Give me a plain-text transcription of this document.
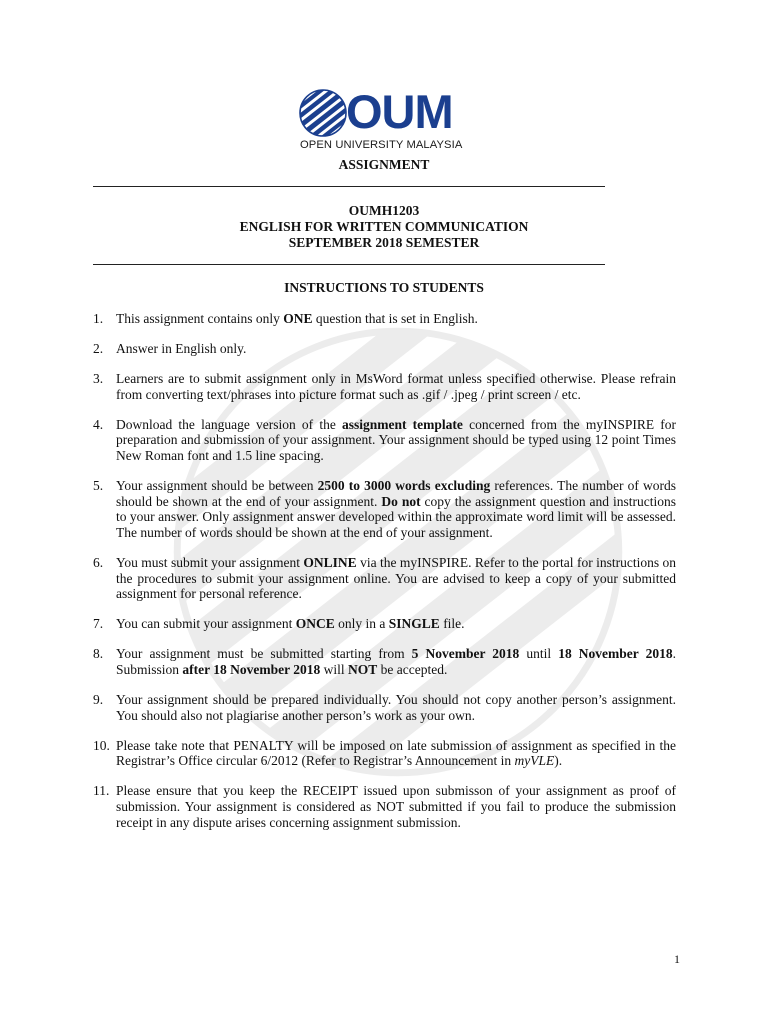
OUM
OPEN UNIVERSITY MALAYSIA
ASSIGNMENT
OUMH1203
ENGLISH FOR WRITTEN COMMUNICATION
SEPTEMBER 2018 SEMESTER
INSTRUCTIONS TO STUDENTS
1. This assignment contains only ONE question that is set in English.
2. Answer in English only.
3. Learners are to submit assignment only in MsWord format unless specified otherwise. Please refrain from converting text/phrases into picture format such as .gif / .jpeg / print screen / etc.
4. Download the language version of the assignment template concerned from the myINSPIRE for preparation and submission of your assignment. Your assignment should be typed using 12 point Times New Roman font and 1.5 line spacing.
5. Your assignment should be between 2500 to 3000 words excluding references. The number of words should be shown at the end of your assignment. Do not copy the assignment question and instructions to your answer. Only assignment answer developed within the approximate word limit will be assessed. The number of words should be shown at the end of your assignment.
6. You must submit your assignment ONLINE via the myINSPIRE. Refer to the portal for instructions on the procedures to submit your assignment online. You are advised to keep a copy of your submitted assignment for personal reference.
7. You can submit your assignment ONCE only in a SINGLE file.
8. Your assignment must be submitted starting from 5 November 2018 until 18 November 2018. Submission after 18 November 2018 will NOT be accepted.
9. Your assignment should be prepared individually. You should not copy another person’s assignment. You should also not plagiarise another person’s work as your own.
10. Please take note that PENALTY will be imposed on late submission of assignment as specified in the Registrar’s Office circular 6/2012 (Refer to Registrar’s Announcement in myVLE).
11. Please ensure that you keep the RECEIPT issued upon submisson of your assignment as proof of submission. Your assignment is considered as NOT submitted if you fail to produce the submission receipt in any dispute arises concerning assignment submission.
1
